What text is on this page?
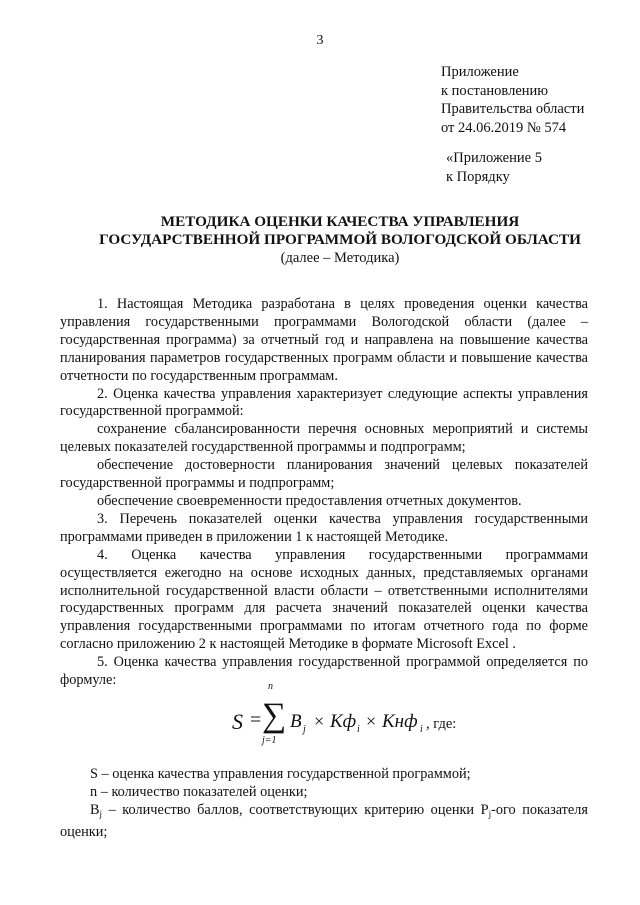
3
Приложение
к постановлению
Правительства области
от 24.06.2019 № 574
«Приложение 5
к Порядку
МЕТОДИКА ОЦЕНКИ КАЧЕСТВА УПРАВЛЕНИЯ
ГОСУДАРСТВЕННОЙ ПРОГРАММОЙ ВОЛОГОДСКОЙ ОБЛАСТИ
(далее – Методика)

1. Настоящая Методика разработана в целях проведения оценки качества управления государственными программами Вологодской области (далее – государственная программа) за отчетный год и направлена на повышение качества планирования параметров государственных программ области и повышение качества отчетности по государственным программам.

2. Оценка качества управления характеризует следующие аспекты управления государственной программой:

сохранение сбалансированности перечня основных мероприятий и системы целевых показателей государственной программы и подпрограмм;

обеспечение достоверности планирования значений целевых показателей государственной программы и подпрограмм;

обеспечение своевременности предоставления отчетных документов.

3. Перечень показателей оценки качества управления государственными программами приведен в приложении 1 к настоящей Методике.

4. Оценка качества управления государственными программами осуществляется ежегодно на основе исходных данных, представляемых органами исполнительной государственной власти области – ответственными исполнителями государственных программ для расчета значений показателей оценки качества управления государственными программами по итогам отчетного года по форме согласно приложению 2 к настоящей Методике в формате Microsoft Excel .

5. Оценка качества управления государственной программой определяется по формуле:

S =
n
∑
j=1
B j × Kф i × Kнф i , где:

S – оценка качества управления государственной программой;

n – количество показателей оценки;

$B_j$ – количество баллов, соответствующих критерию оценки $P_j$-ого показателя оценки;
